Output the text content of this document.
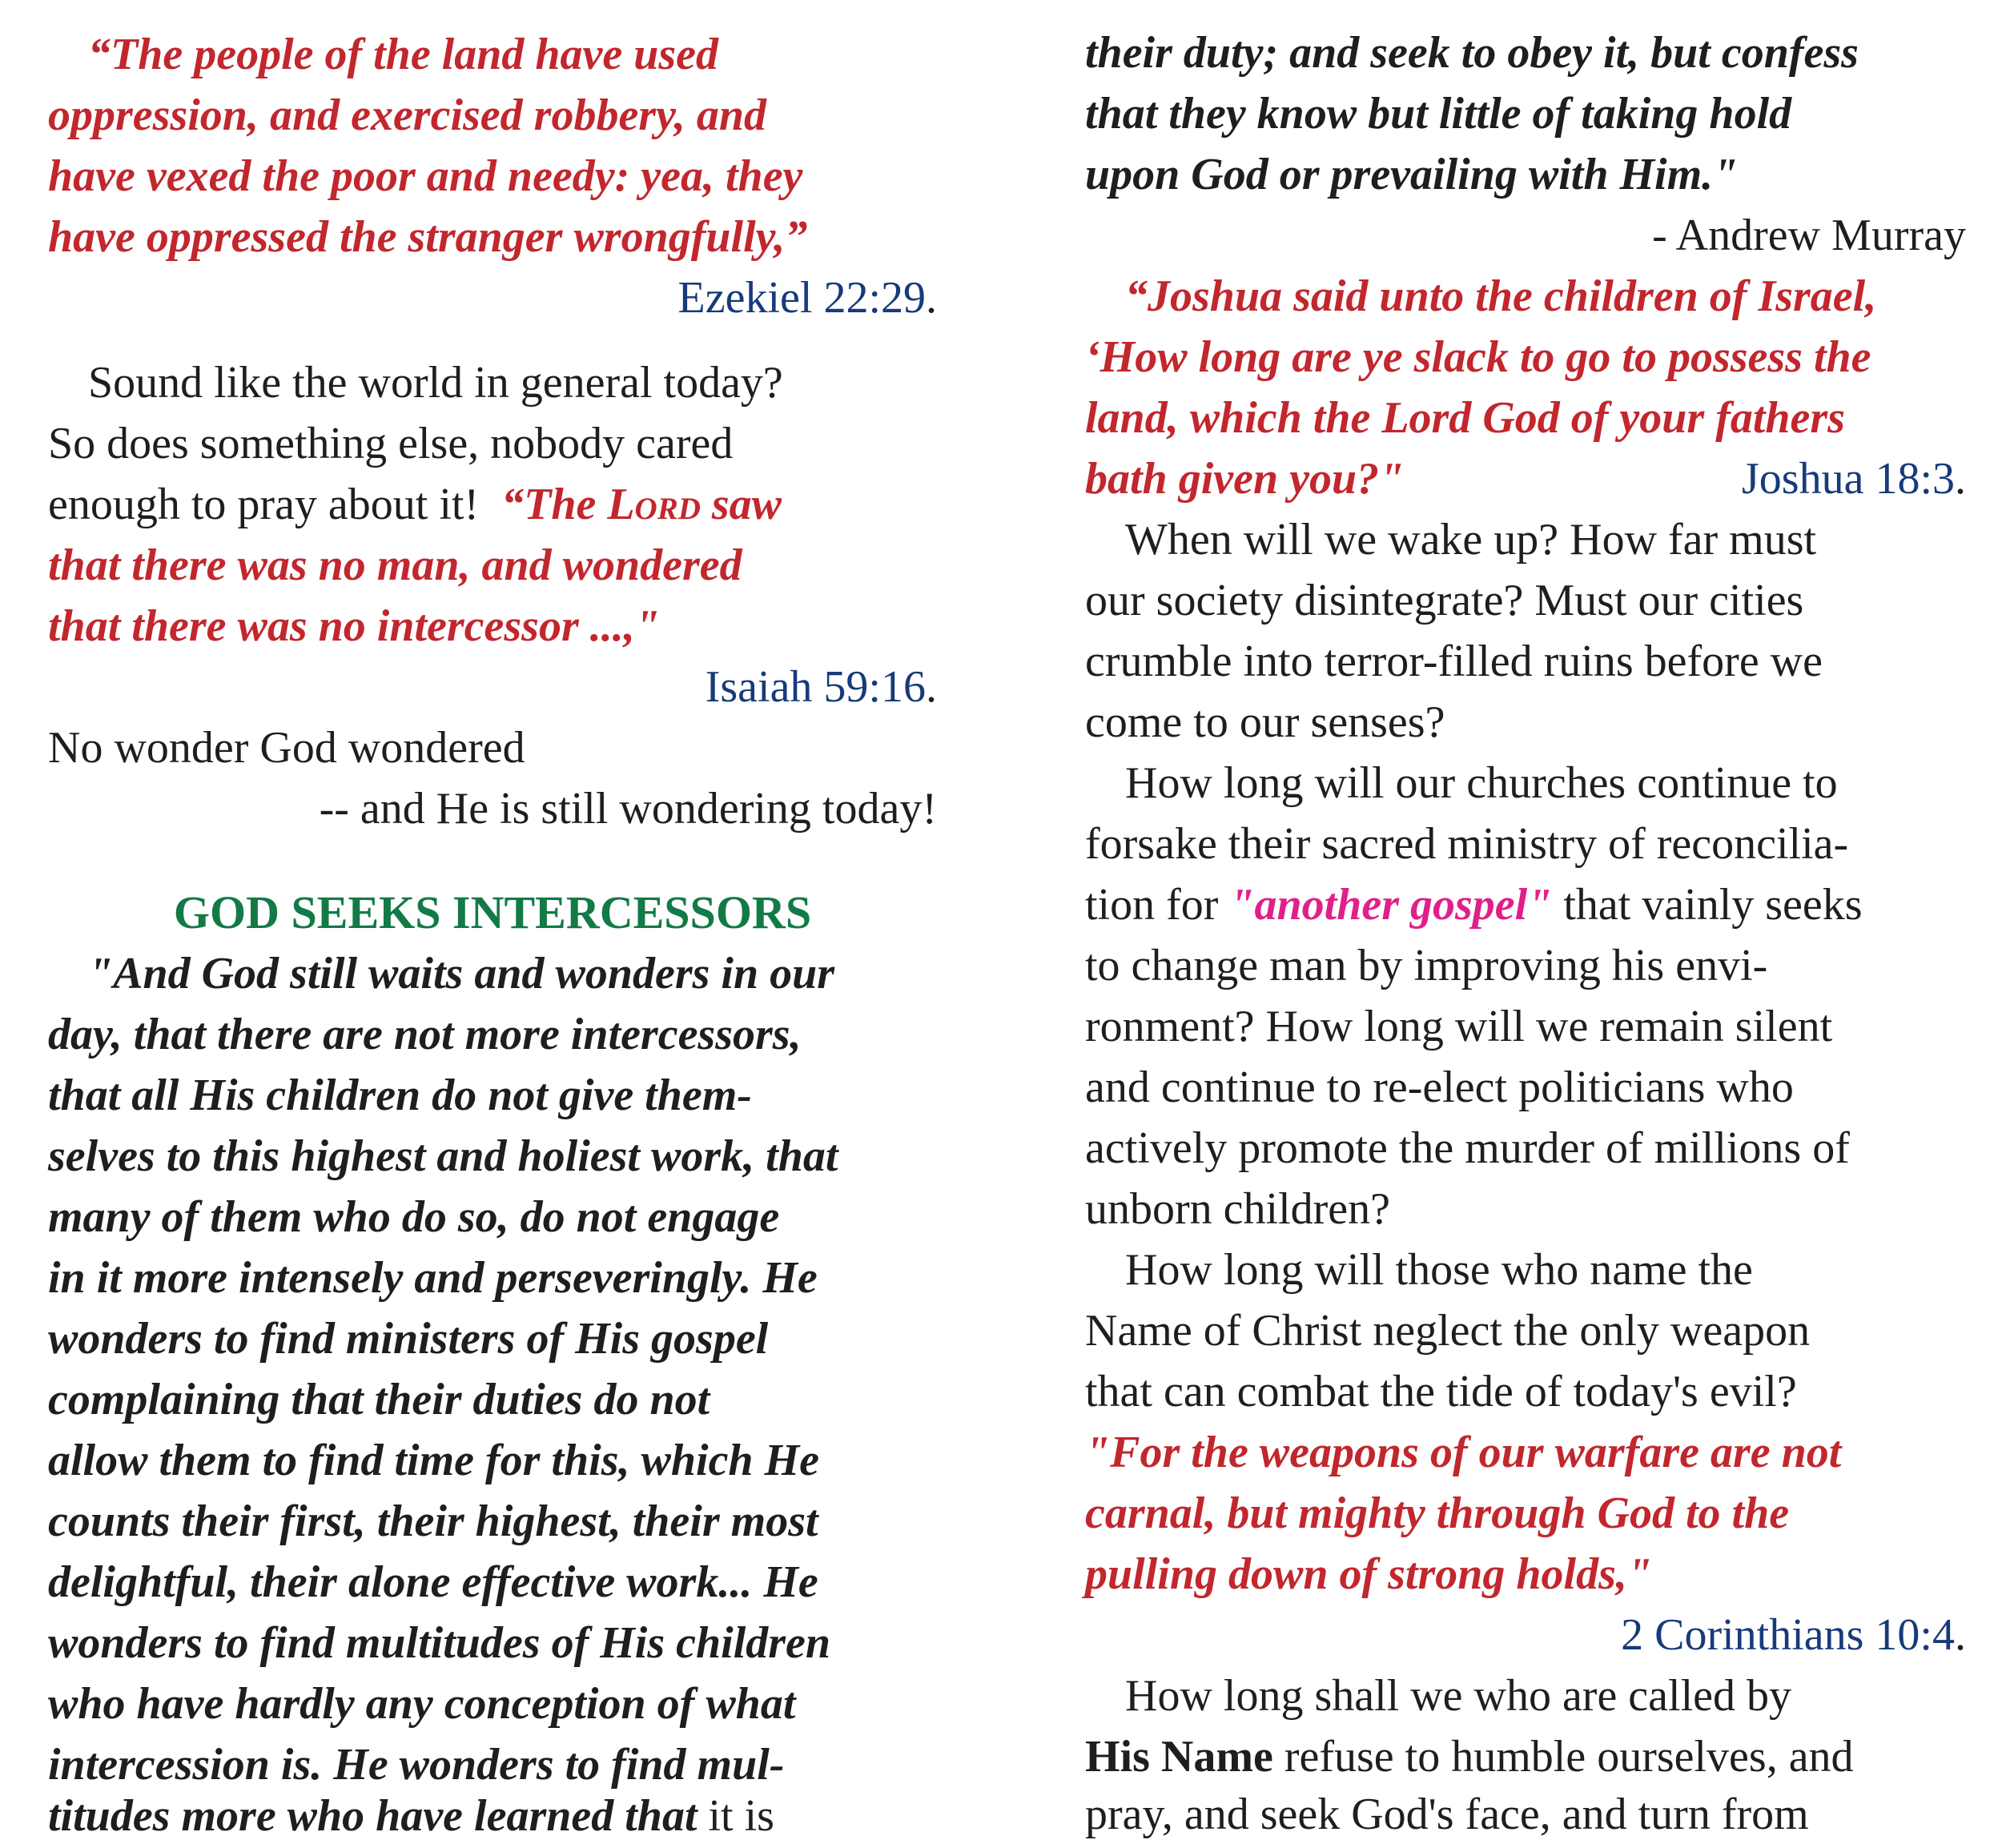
“The people of the land have used
oppression, and exercised robbery, and
have vexed the poor and needy: yea, they
have oppressed the stranger wrongfully,”
Ezekiel 22:29.
Sound like the world in general today?
So does something else, nobody cared
enough to pray about it! “The Lord saw
that there was no man, and wondered
that there was no intercessor ...,"
Isaiah 59:16.
No wonder God wondered
-- and He is still wondering today!
GOD SEEKS INTERCESSORS
"And God still waits and wonders in our
day, that there are not more intercessors,
that all His children do not give them-
selves to this highest and holiest work, that
many of them who do so, do not engage
in it more intensely and perseveringly. He
wonders to find ministers of His gospel
complaining that their duties do not
allow them to find time for this, which He
counts their first, their highest, their most
delightful, their alone effective work... He
wonders to find multitudes of His children
who have hardly any conception of what
intercession is. He wonders to find mul-
titudes more who have learned that it is
their duty; and seek to obey it, but confess
that they know but little of taking hold
upon God or prevailing with Him."
- Andrew Murray
“Joshua said unto the children of Israel,
‘How long are ye slack to go to possess the
land, which the Lord God of your fathers
bath given you?"	Joshua 18:3.
When will we wake up? How far must
our society disintegrate? Must our cities
crumble into terror-filled ruins before we
come to our senses?
How long will our churches continue to
forsake their sacred ministry of reconcilia-
tion for "another gospel" that vainly seeks
to change man by improving his envi-
ronment? How long will we remain silent
and continue to re-elect politicians who
actively promote the murder of millions of
unborn children?
How long will those who name the
Name of Christ neglect the only weapon
that can combat the tide of today's evil?
"For the weapons of our warfare are not
carnal, but mighty through God to the
pulling down of strong holds,"
2 Corinthians 10:4.
How long shall we who are called by
His Name refuse to humble ourselves, and
pray, and seek God's face, and turn from
